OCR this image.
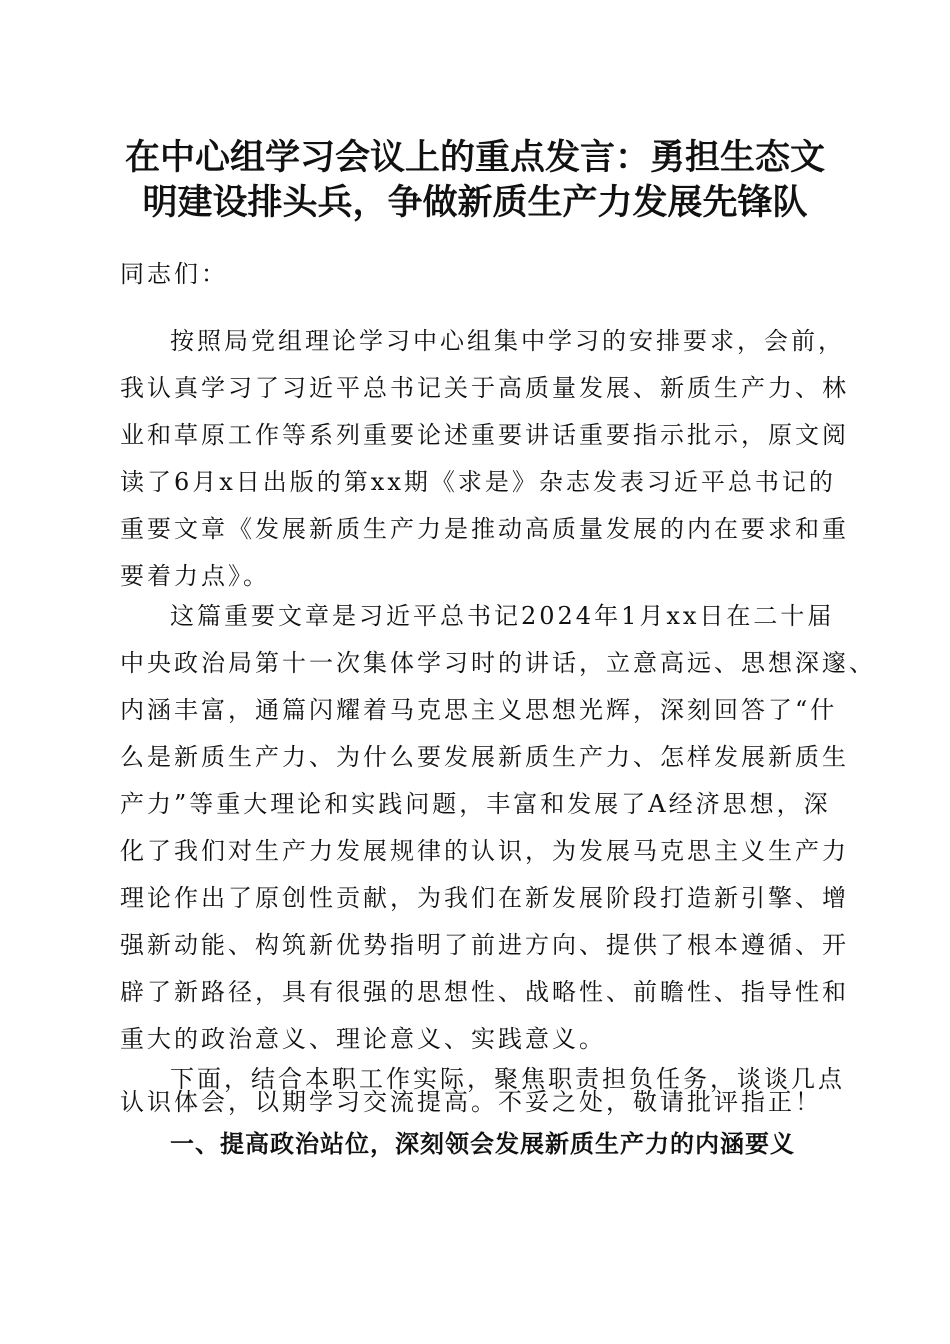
在中心组学习会议上的重点发言：勇担生态文
明建设排头兵，争做新质生产力发展先锋队

同志们：

按照局党组理论学习中心组集中学习的安排要求，会前，

我认真学习了习近平总书记关于高质量发展、新质生产力、林

业和草原工作等系列重要论述重要讲话重要指示批示，原文阅

读了6月x日出版的第xx期《求是》杂志发表习近平总书记的

重要文章《发展新质生产力是推动高质量发展的内在要求和重

要着力点》。

这篇重要文章是习近平总书记2024年1月xx日在二十届

中央政治局第十一次集体学习时的讲话，立意高远、思想深邃、

内涵丰富，通篇闪耀着马克思主义思想光辉，深刻回答了“什

么是新质生产力、为什么要发展新质生产力、怎样发展新质生

产力”等重大理论和实践问题，丰富和发展了A经济思想，深

化了我们对生产力发展规律的认识，为发展马克思主义生产力

理论作出了原创性贡献，为我们在新发展阶段打造新引擎、增

强新动能、构筑新优势指明了前进方向、提供了根本遵循、开

辟了新路径，具有很强的思想性、战略性、前瞻性、指导性和

重大的政治意义、理论意义、实践意义。

下面，结合本职工作实际，聚焦职责担负任务，谈谈几点

认识体会，以期学习交流提高。不妥之处，敬请批评指正！

一、提高政治站位，深刻领会发展新质生产力的内涵要义
